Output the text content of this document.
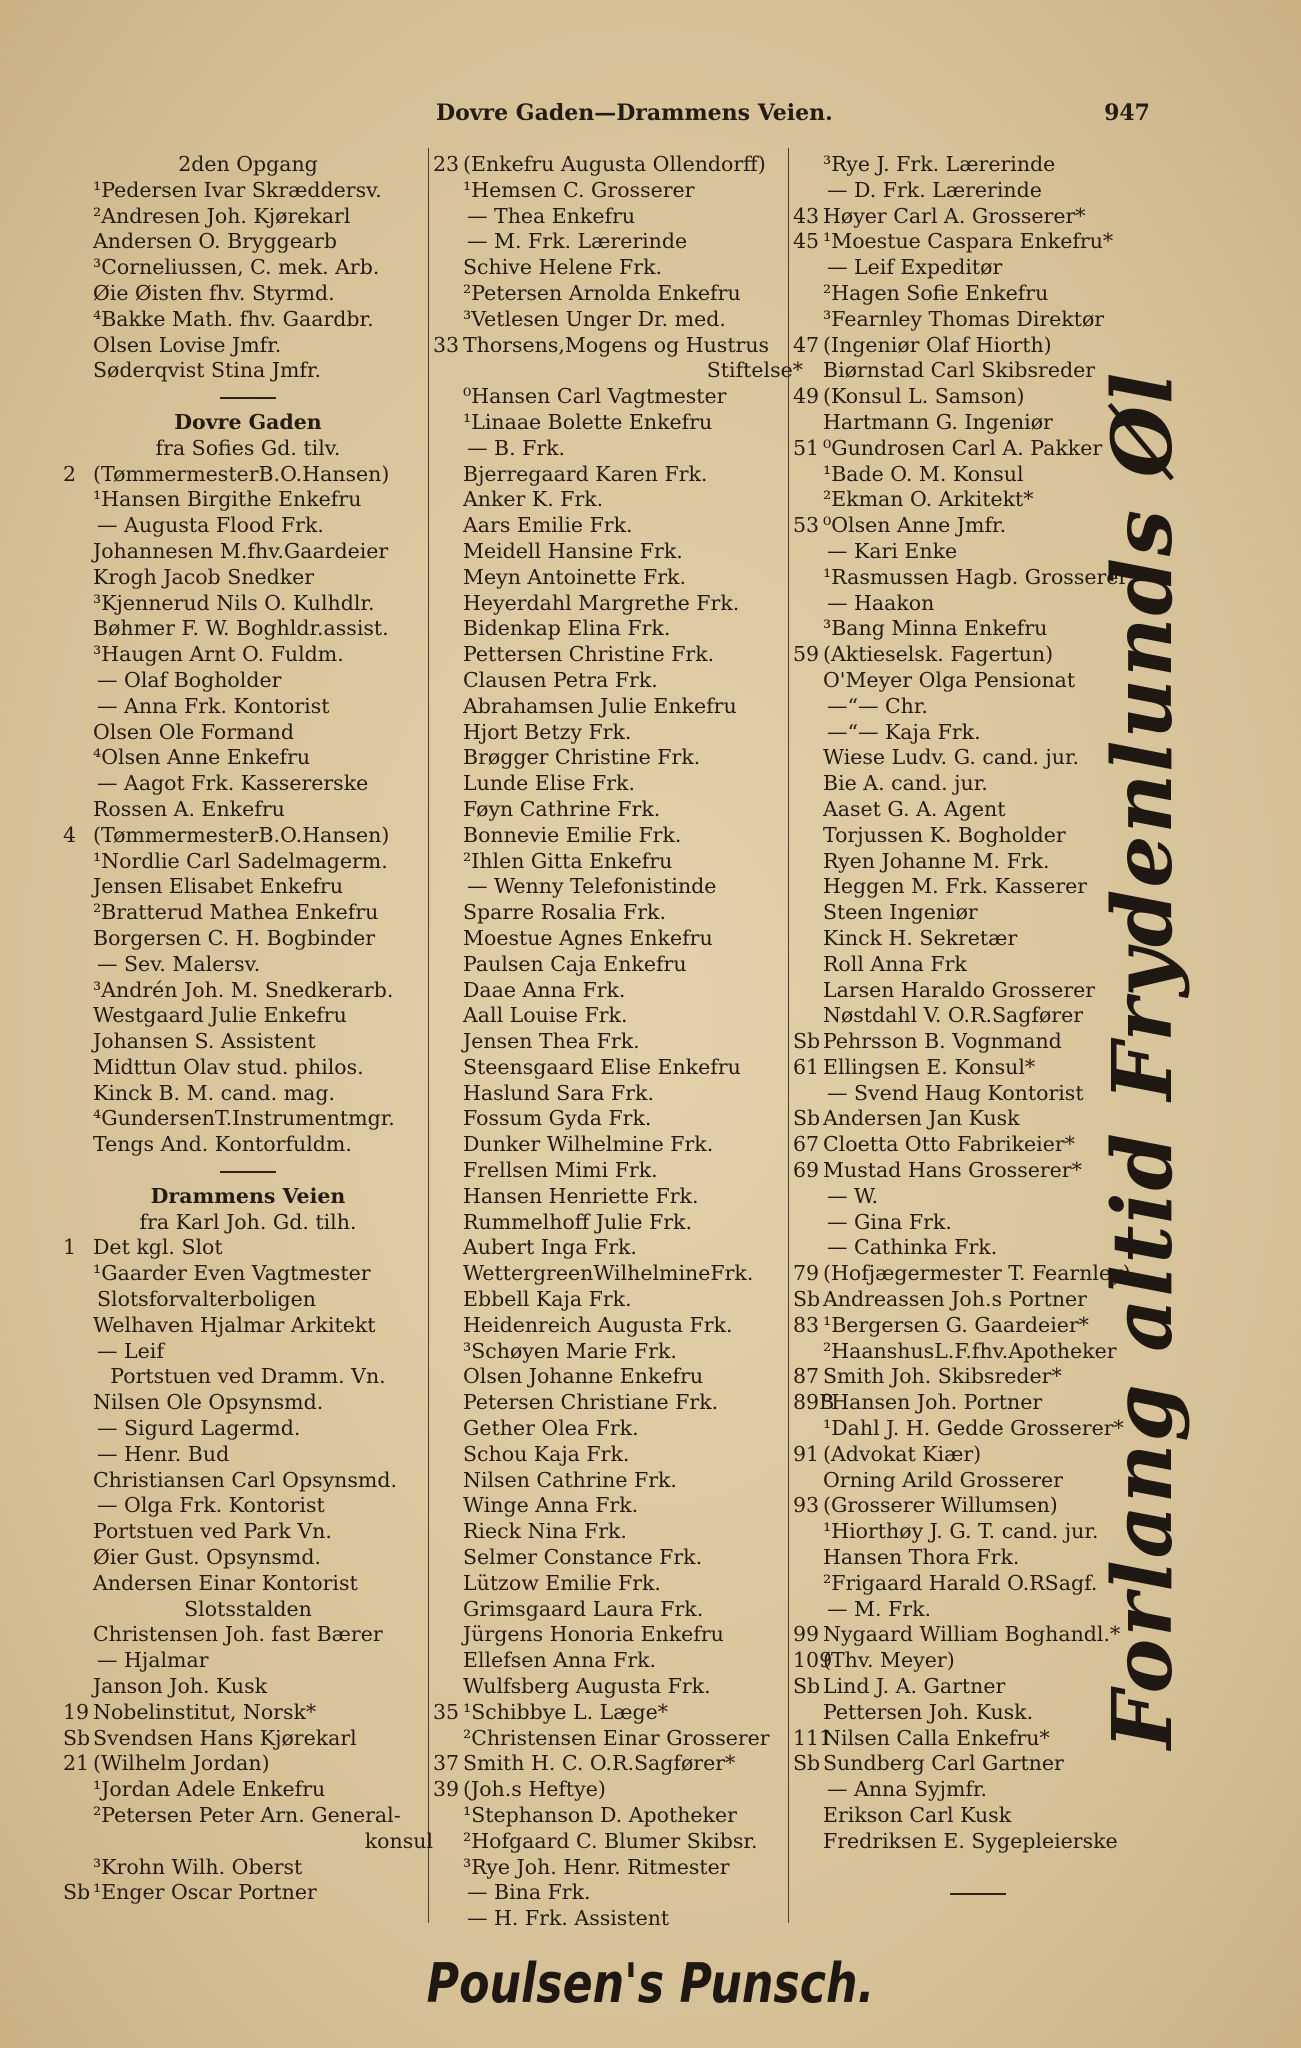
Dovre Gaden—Drammens Veien.	947
2den Opgang
¹Pedersen Ivar Skræddersv.
²Andresen Joh. Kjørekarl
Andersen O. Bryggearb
³Corneliussen, C. mek. Arb.
Øie Øisten fhv. Styrmd.
⁴Bakke Math. fhv. Gaardbr.
Olsen Lovise Jmfr.
Søderqvist Stina Jmfr.
Dovre Gaden
fra Sofies Gd. tilv.
2 (TømmermesterB.O.Hansen)
¹Hansen Birgithe Enkefru
— Augusta Flood Frk.
Johannesen M.fhv.Gaardeier
Krogh Jacob Snedker
³Kjennerud Nils O. Kulhdlr.
Bøhmer F. W. Boghldr.assist.
³Haugen Arnt O. Fuldm.
— Olaf Bogholder
— Anna Frk. Kontorist
Olsen Ole Formand
⁴Olsen Anne Enkefru
— Aagot Frk. Kassererske
Rossen A. Enkefru
4 (TømmermesterB.O.Hansen)
¹Nordlie Carl Sadelmagerm.
Jensen Elisabet Enkefru
²Bratterud Mathea Enkefru
Borgersen C. H. Bogbinder
— Sev. Malersv.
³Andrén Joh. M. Snedkerarb.
Westgaard Julie Enkefru
Johansen S. Assistent
Midttun Olav stud. philos.
Kinck B. M. cand. mag.
⁴GundersenT.Instrumentmgr.
Tengs And. Kontorfuldm.
Drammens Veien
fra Karl Joh. Gd. tilh.
1 Det kgl. Slot
¹Gaarder Even Vagtmester
Slotsforvalterboligen
Welhaven Hjalmar Arkitekt
— Leif
Portstuen ved Dramm. Vn.
Nilsen Ole Opsynsmd.
— Sigurd Lagermd.
— Henr. Bud
Christiansen Carl Opsynsmd.
— Olga Frk. Kontorist
Portstuen ved Park Vn.
Øier Gust. Opsynsmd.
Andersen Einar Kontorist
Slotsstalden
Christensen Joh. fast Bærer
— Hjalmar
Janson Joh. Kusk
19 Nobelinstitut, Norsk*
Sb Svendsen Hans Kjørekarl
21 (Wilhelm Jordan)
¹Jordan Adele Enkefru
²Petersen Peter Arn. General-
konsul
³Krohn Wilh. Oberst
Sb ¹Enger Oscar Portner
23 (Enkefru Augusta Ollendorff)
¹Hemsen C. Grosserer
— Thea Enkefru
— M. Frk. Lærerinde
Schive Helene Frk.
²Petersen Arnolda Enkefru
³Vetlesen Unger Dr. med.
33 Thorsens,Mogens og Hustrus
Stiftelse*
⁰Hansen Carl Vagtmester
¹Linaae Bolette Enkefru
— B. Frk.
Bjerregaard Karen Frk.
Anker K. Frk.
Aars Emilie Frk.
Meidell Hansine Frk.
Meyn Antoinette Frk.
Heyerdahl Margrethe Frk.
Bidenkap Elina Frk.
Pettersen Christine Frk.
Clausen Petra Frk.
Abrahamsen Julie Enkefru
Hjort Betzy Frk.
Brøgger Christine Frk.
Lunde Elise Frk.
Føyn Cathrine Frk.
Bonnevie Emilie Frk.
²Ihlen Gitta Enkefru
— Wenny Telefonistinde
Sparre Rosalia Frk.
Moestue Agnes Enkefru
Paulsen Caja Enkefru
Daae Anna Frk.
Aall Louise Frk.
Jensen Thea Frk.
Steensgaard Elise Enkefru
Haslund Sara Frk.
Fossum Gyda Frk.
Dunker Wilhelmine Frk.
Frellsen Mimi Frk.
Hansen Henriette Frk.
Rummelhoff Julie Frk.
Aubert Inga Frk.
WettergreenWilhelmineFrk.
Ebbell Kaja Frk.
Heidenreich Augusta Frk.
³Schøyen Marie Frk.
Olsen Johanne Enkefru
Petersen Christiane Frk.
Gether Olea Frk.
Schou Kaja Frk.
Nilsen Cathrine Frk.
Winge Anna Frk.
Rieck Nina Frk.
Selmer Constance Frk.
Lützow Emilie Frk.
Grimsgaard Laura Frk.
Jürgens Honoria Enkefru
Ellefsen Anna Frk.
Wulfsberg Augusta Frk.
35 ¹Schibbye L. Læge*
²Christensen Einar Grosserer
37 Smith H. C. O.R.Sagfører*
39 (Joh.s Heftye)
¹Stephanson D. Apotheker
²Hofgaard C. Blumer Skibsr.
³Rye Joh. Henr. Ritmester
— Bina Frk.
— H. Frk. Assistent
³Rye J. Frk. Lærerinde
— D. Frk. Lærerinde
43 Høyer Carl A. Grosserer*
45 ¹Moestue Caspara Enkefru*
— Leif Expeditør
²Hagen Sofie Enkefru
³Fearnley Thomas Direktør
47 (Ingeniør Olaf Hiorth)
Biørnstad Carl Skibsreder
49 (Konsul L. Samson)
Hartmann G. Ingeniør
51 ⁰Gundrosen Carl A. Pakker
¹Bade O. M. Konsul
²Ekman O. Arkitekt*
53 ⁰Olsen Anne Jmfr.
— Kari Enke
¹Rasmussen Hagb. Grosserer*
— Haakon
³Bang Minna Enkefru
59 (Aktieselsk. Fagertun)
O'Meyer Olga Pensionat
—“— Chr.
—“— Kaja Frk.
Wiese Ludv. G. cand. jur.
Bie A. cand. jur.
Aaset G. A. Agent
Torjussen K. Bogholder
Ryen Johanne M. Frk.
Heggen M. Frk. Kasserer
Steen Ingeniør
Kinck H. Sekretær
Roll Anna Frk
Larsen Haraldo Grosserer
Nøstdahl V. O.R.Sagfører
Sb Pehrsson B. Vognmand
61 Ellingsen E. Konsul*
— Svend Haug Kontorist
Sb Andersen Jan Kusk
67 Cloetta Otto Fabrikeier*
69 Mustad Hans Grosserer*
— W.
— Gina Frk.
— Cathinka Frk.
79 (Hofjægermester T. Fearnley)
Sb Andreassen Joh.s Portner
83 ¹Bergersen G. Gaardeier*
²HaanshusL.F.fhv.Apotheker
87 Smith Joh. Skibsreder*
89B⁰Hansen Joh. Portner
¹Dahl J. H. Gedde Grosserer*
91 (Advokat Kiær)
Orning Arild Grosserer
93 (Grosserer Willumsen)
¹Hiorthøy J. G. T. cand. jur.
Hansen Thora Frk.
²Frigaard Harald O.RSagf.
— M. Frk.
99 Nygaard William Boghandl.*
109(Thv. Meyer)
Sb Lind J. A. Gartner
Pettersen Joh. Kusk.
111Nilsen Calla Enkefru*
Sb Sundberg Carl Gartner
— Anna Syjmfr.
Erikson Carl Kusk
Fredriksen E. Sygepleierske
Forlang altid Frydenlunds Øl
Poulsen's Punsch.
